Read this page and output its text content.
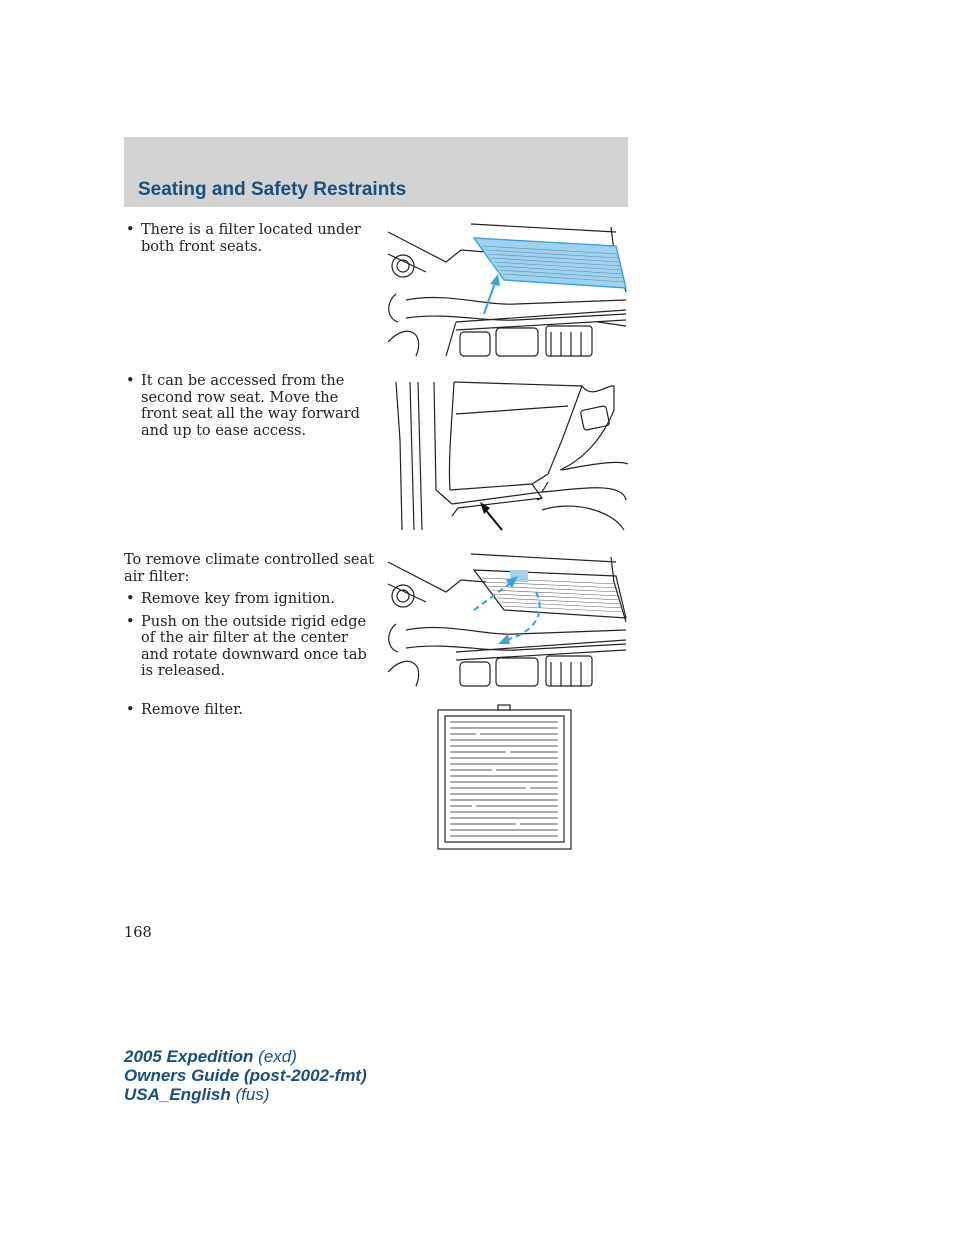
Seating and Safety Restraints

• There is a filter located under both front seats.

• It can be accessed from the second row seat. Move the front seat all the way forward and up to ease access.

To remove climate controlled seat air filter:

• Remove key from ignition.

• Push on the outside rigid edge of the air filter at the center and rotate downward once tab is released.

• Remove filter.

168
2005 Expedition (exd)
Owners Guide (post-2002-fmt)
USA_English (fus)
